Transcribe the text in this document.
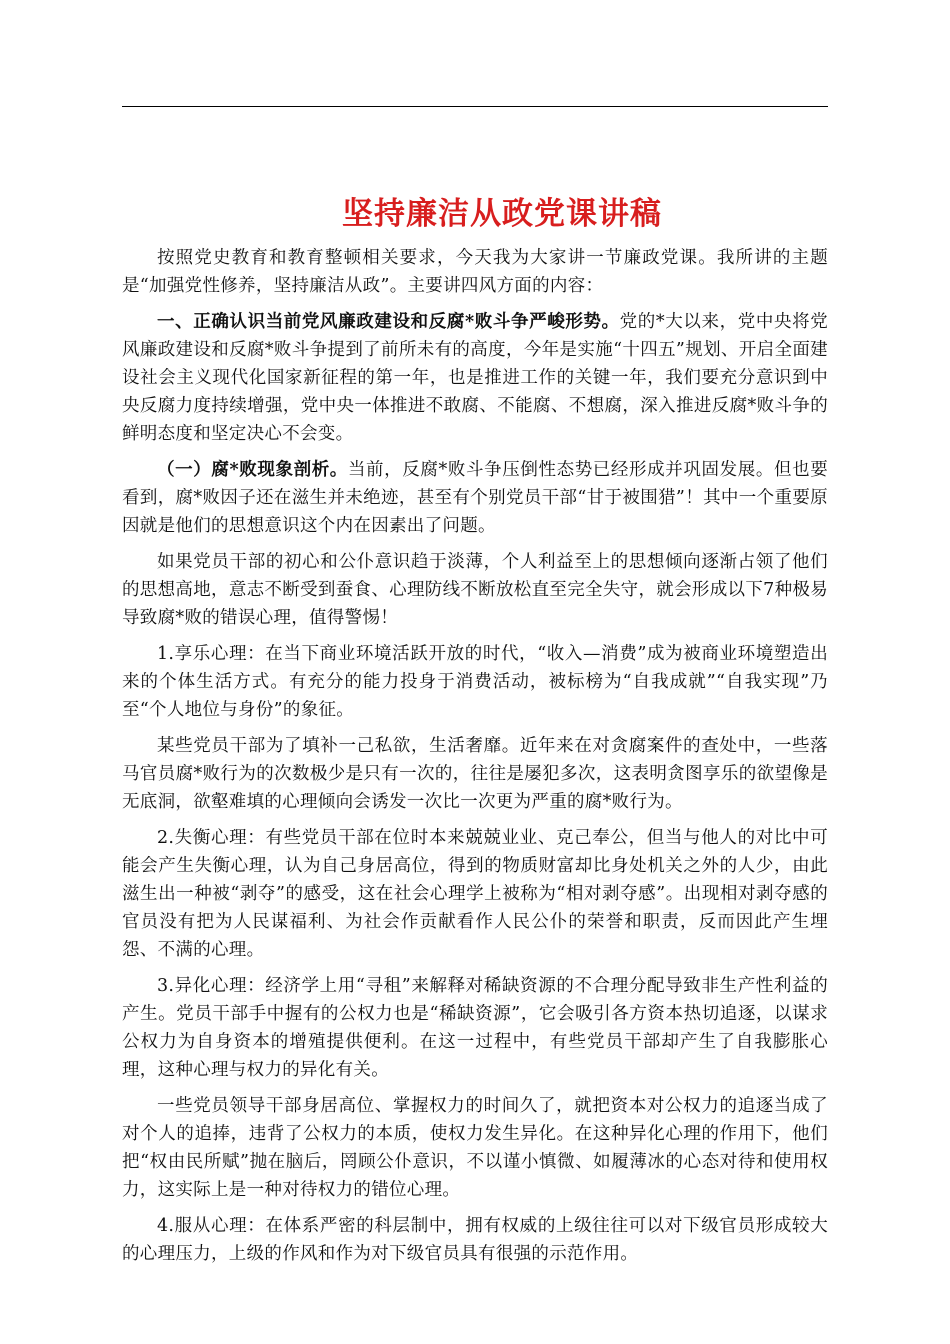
坚持廉洁从政党课讲稿

按照党史教育和教育整顿相关要求，今天我为大家讲一节廉政党课。我所讲的主题是“加强党性修养，坚持廉洁从政”。主要讲四风方面的内容：

一、正确认识当前党风廉政建设和反腐*败斗争严峻形势。党的*大以来，党中央将党风廉政建设和反腐*败斗争提到了前所未有的高度，今年是实施“十四五”规划、开启全面建设社会主义现代化国家新征程的第一年，也是推进工作的关键一年，我们要充分意识到中央反腐力度持续增强，党中央一体推进不敢腐、不能腐、不想腐，深入推进反腐*败斗争的鲜明态度和坚定决心不会变。

（一）腐*败现象剖析。当前，反腐*败斗争压倒性态势已经形成并巩固发展。但也要看到，腐*败因子还在滋生并未绝迹，甚至有个别党员干部“甘于被围猎”！其中一个重要原因就是他们的思想意识这个内在因素出了问题。

如果党员干部的初心和公仆意识趋于淡薄，个人利益至上的思想倾向逐渐占领了他们的思想高地，意志不断受到蚕食、心理防线不断放松直至完全失守，就会形成以下7种极易导致腐*败的错误心理，值得警惕！

1.享乐心理：在当下商业环境活跃开放的时代，“收入—消费”成为被商业环境塑造出来的个体生活方式。有充分的能力投身于消费活动，被标榜为“自我成就”“自我实现”乃至“个人地位与身份”的象征。

某些党员干部为了填补一己私欲，生活奢靡。近年来在对贪腐案件的查处中，一些落马官员腐*败行为的次数极少是只有一次的，往往是屡犯多次，这表明贪图享乐的欲望像是无底洞，欲壑难填的心理倾向会诱发一次比一次更为严重的腐*败行为。

2.失衡心理：有些党员干部在位时本来兢兢业业、克己奉公，但当与他人的对比中可能会产生失衡心理，认为自己身居高位，得到的物质财富却比身处机关之外的人少，由此滋生出一种被“剥夺”的感受，这在社会心理学上被称为“相对剥夺感”。出现相对剥夺感的官员没有把为人民谋福利、为社会作贡献看作人民公仆的荣誉和职责，反而因此产生埋怨、不满的心理。

3.异化心理：经济学上用“寻租”来解释对稀缺资源的不合理分配导致非生产性利益的产生。党员干部手中握有的公权力也是“稀缺资源”，它会吸引各方资本热切追逐，以谋求公权力为自身资本的增殖提供便利。在这一过程中，有些党员干部却产生了自我膨胀心理，这种心理与权力的异化有关。

一些党员领导干部身居高位、掌握权力的时间久了，就把资本对公权力的追逐当成了对个人的追捧，违背了公权力的本质，使权力发生异化。在这种异化心理的作用下，他们把“权由民所赋”抛在脑后，罔顾公仆意识，不以谨小慎微、如履薄冰的心态对待和使用权力，这实际上是一种对待权力的错位心理。

4.服从心理：在体系严密的科层制中，拥有权威的上级往往可以对下级官员形成较大的心理压力，上级的作风和作为对下级官员具有很强的示范作用。
